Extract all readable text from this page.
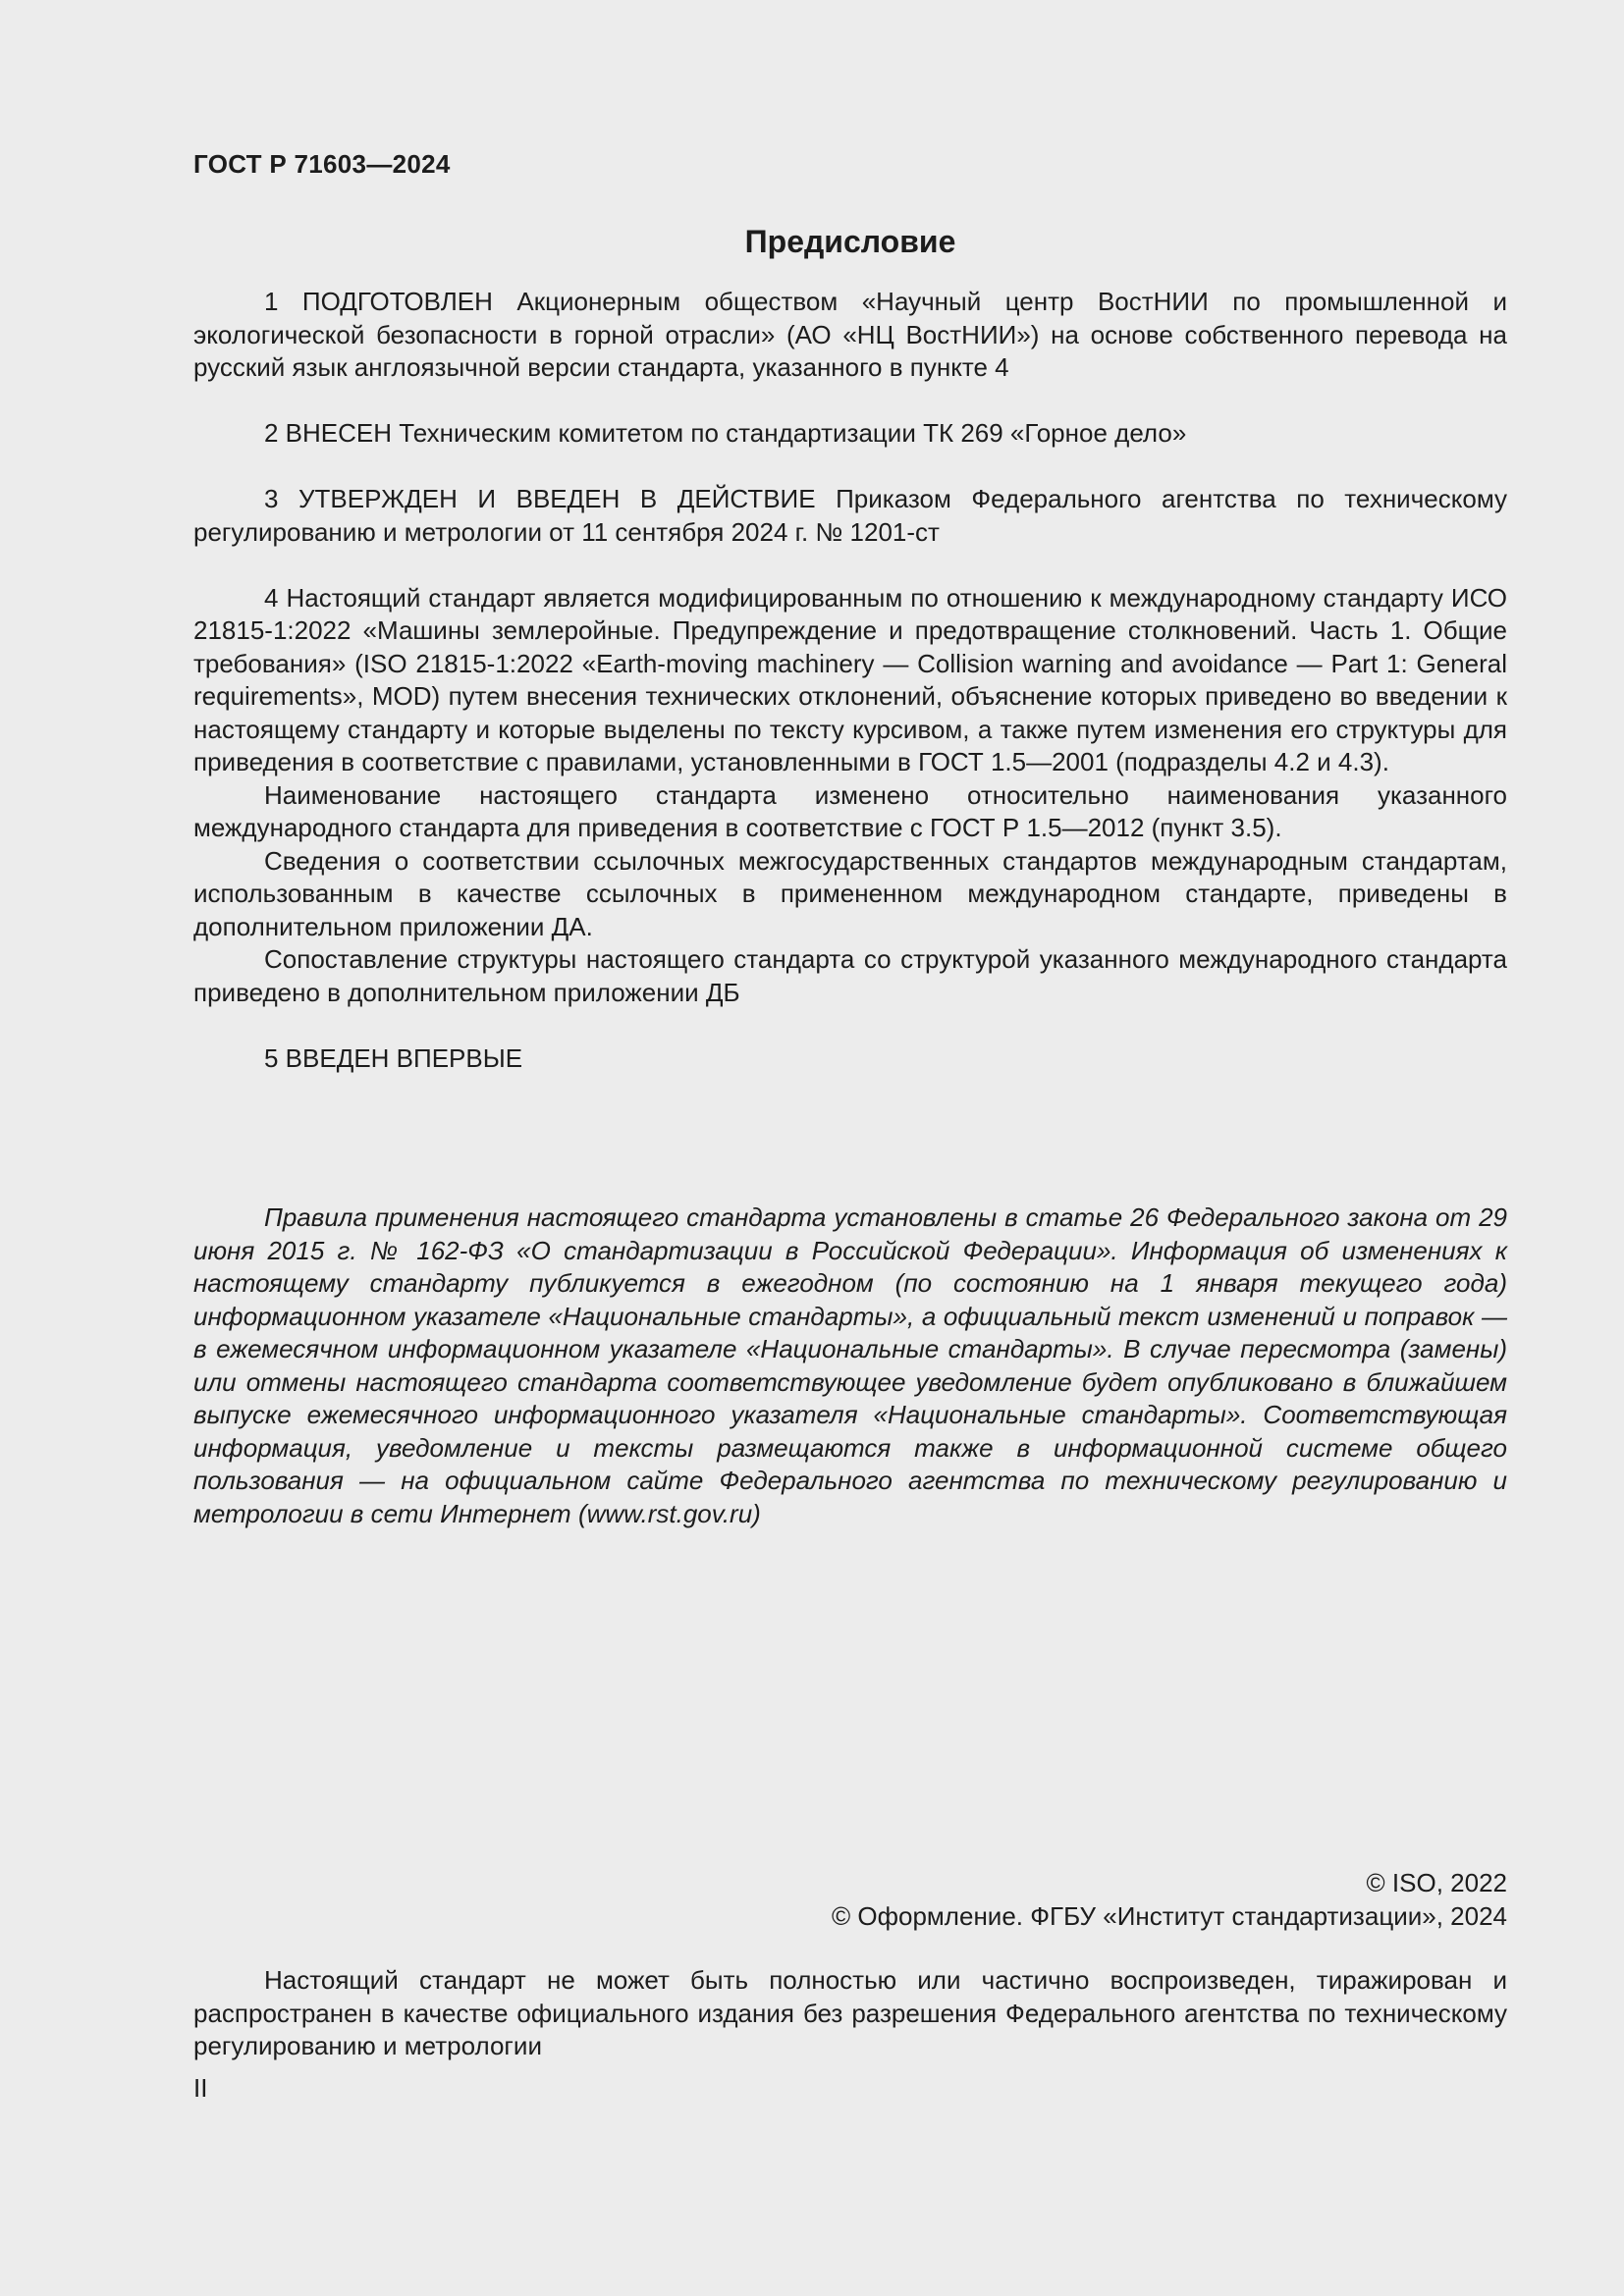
ГОСТ Р 71603—2024
Предисловие

1 ПОДГОТОВЛЕН Акционерным обществом «Научный центр ВостНИИ по промышленной и экологической безопасности в горной отрасли» (АО «НЦ ВостНИИ») на основе собственного перевода на русский язык англоязычной версии стандарта, указанного в пункте 4

2 ВНЕСЕН Техническим комитетом по стандартизации ТК 269 «Горное дело»

3 УТВЕРЖДЕН И ВВЕДЕН В ДЕЙСТВИЕ Приказом Федерального агентства по техническому регулированию и метрологии от 11 сентября 2024 г. № 1201-ст

4 Настоящий стандарт является модифицированным по отношению к международному стандарту ИСО 21815-1:2022 «Машины землеройные. Предупреждение и предотвращение столкновений. Часть 1. Общие требования» (ISO 21815-1:2022 «Earth-moving machinery — Collision warning and avoidance — Part 1: General requirements», MOD) путем внесения технических отклонений, объяснение которых приведено во введении к настоящему стандарту и которые выделены по тексту курсивом, а также путем изменения его структуры для приведения в соответствие с правилами, установленными в ГОСТ 1.5—2001 (подразделы 4.2 и 4.3).

Наименование настоящего стандарта изменено относительно наименования указанного международного стандарта для приведения в соответствие с ГОСТ Р 1.5—2012 (пункт 3.5).

Сведения о соответствии ссылочных межгосударственных стандартов международным стандартам, использованным в качестве ссылочных в примененном международном стандарте, приведены в дополнительном приложении ДА.

Сопоставление структуры настоящего стандарта со структурой указанного международного стандарта приведено в дополнительном приложении ДБ

5 ВВЕДЕН ВПЕРВЫЕ

Правила применения настоящего стандарта установлены в статье 26 Федерального закона от 29 июня 2015 г. № 162-ФЗ «О стандартизации в Российской Федерации». Информация об изменениях к настоящему стандарту публикуется в ежегодном (по состоянию на 1 января текущего года) информационном указателе «Национальные стандарты», а официальный текст изменений и поправок — в ежемесячном информационном указателе «Национальные стандарты». В случае пересмотра (замены) или отмены настоящего стандарта соответствующее уведомление будет опубликовано в ближайшем выпуске ежемесячного информационного указателя «Национальные стандарты». Соответствующая информация, уведомление и тексты размещаются также в информационной системе общего пользования — на официальном сайте Федерального агентства по техническому регулированию и метрологии в сети Интернет (www.rst.gov.ru)

© ISO, 2022
© Оформление. ФГБУ «Институт стандартизации», 2024

Настоящий стандарт не может быть полностью или частично воспроизведен, тиражирован и распространен в качестве официального издания без разрешения Федерального агентства по техническому регулированию и метрологии

II
